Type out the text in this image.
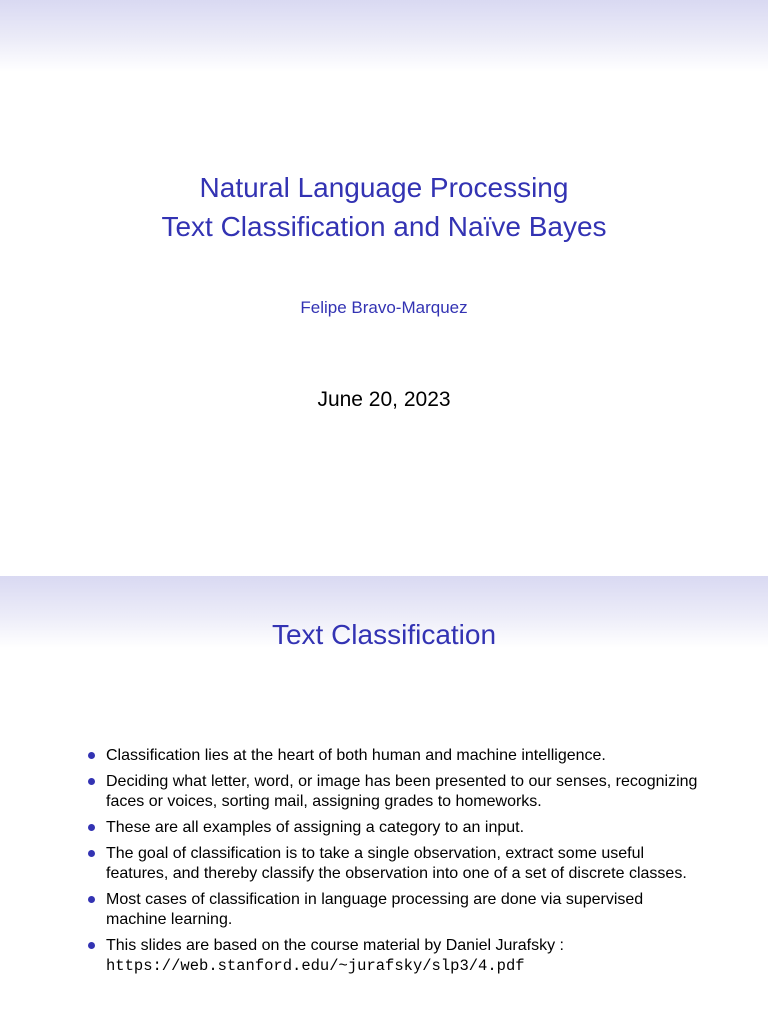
Natural Language Processing
Text Classification and Naïve Bayes
Felipe Bravo-Marquez
June 20, 2023
Text Classification
Classification lies at the heart of both human and machine intelligence.
Deciding what letter, word, or image has been presented to our senses, recognizing faces or voices, sorting mail, assigning grades to homeworks.
These are all examples of assigning a category to an input.
The goal of classification is to take a single observation, extract some useful features, and thereby classify the observation into one of a set of discrete classes.
Most cases of classification in language processing are done via supervised machine learning.
This slides are based on the course material by Daniel Jurafsky :
https://web.stanford.edu/~jurafsky/slp3/4.pdf
